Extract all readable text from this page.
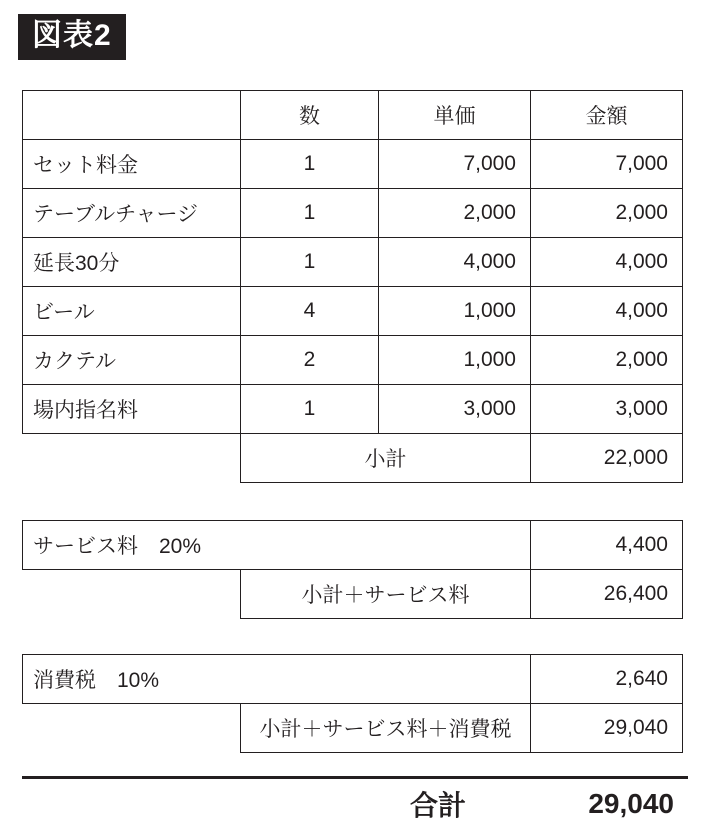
図表2

	数	単価	金額

セット料金	1	7,000	7,000

テーブルチャージ	1	2,000	2,000

延長30分	1	4,000	4,000

ビール	4	1,000	4,000

カクテル	2	1,000	2,000

場内指名料	1	3,000	3,000

	小計		22,000
サービス料　20%		4,400

	小計＋サービス料	26,400
消費税　10%		2,640

	小計＋サービス料＋消費税	29,040
合計	29,040
